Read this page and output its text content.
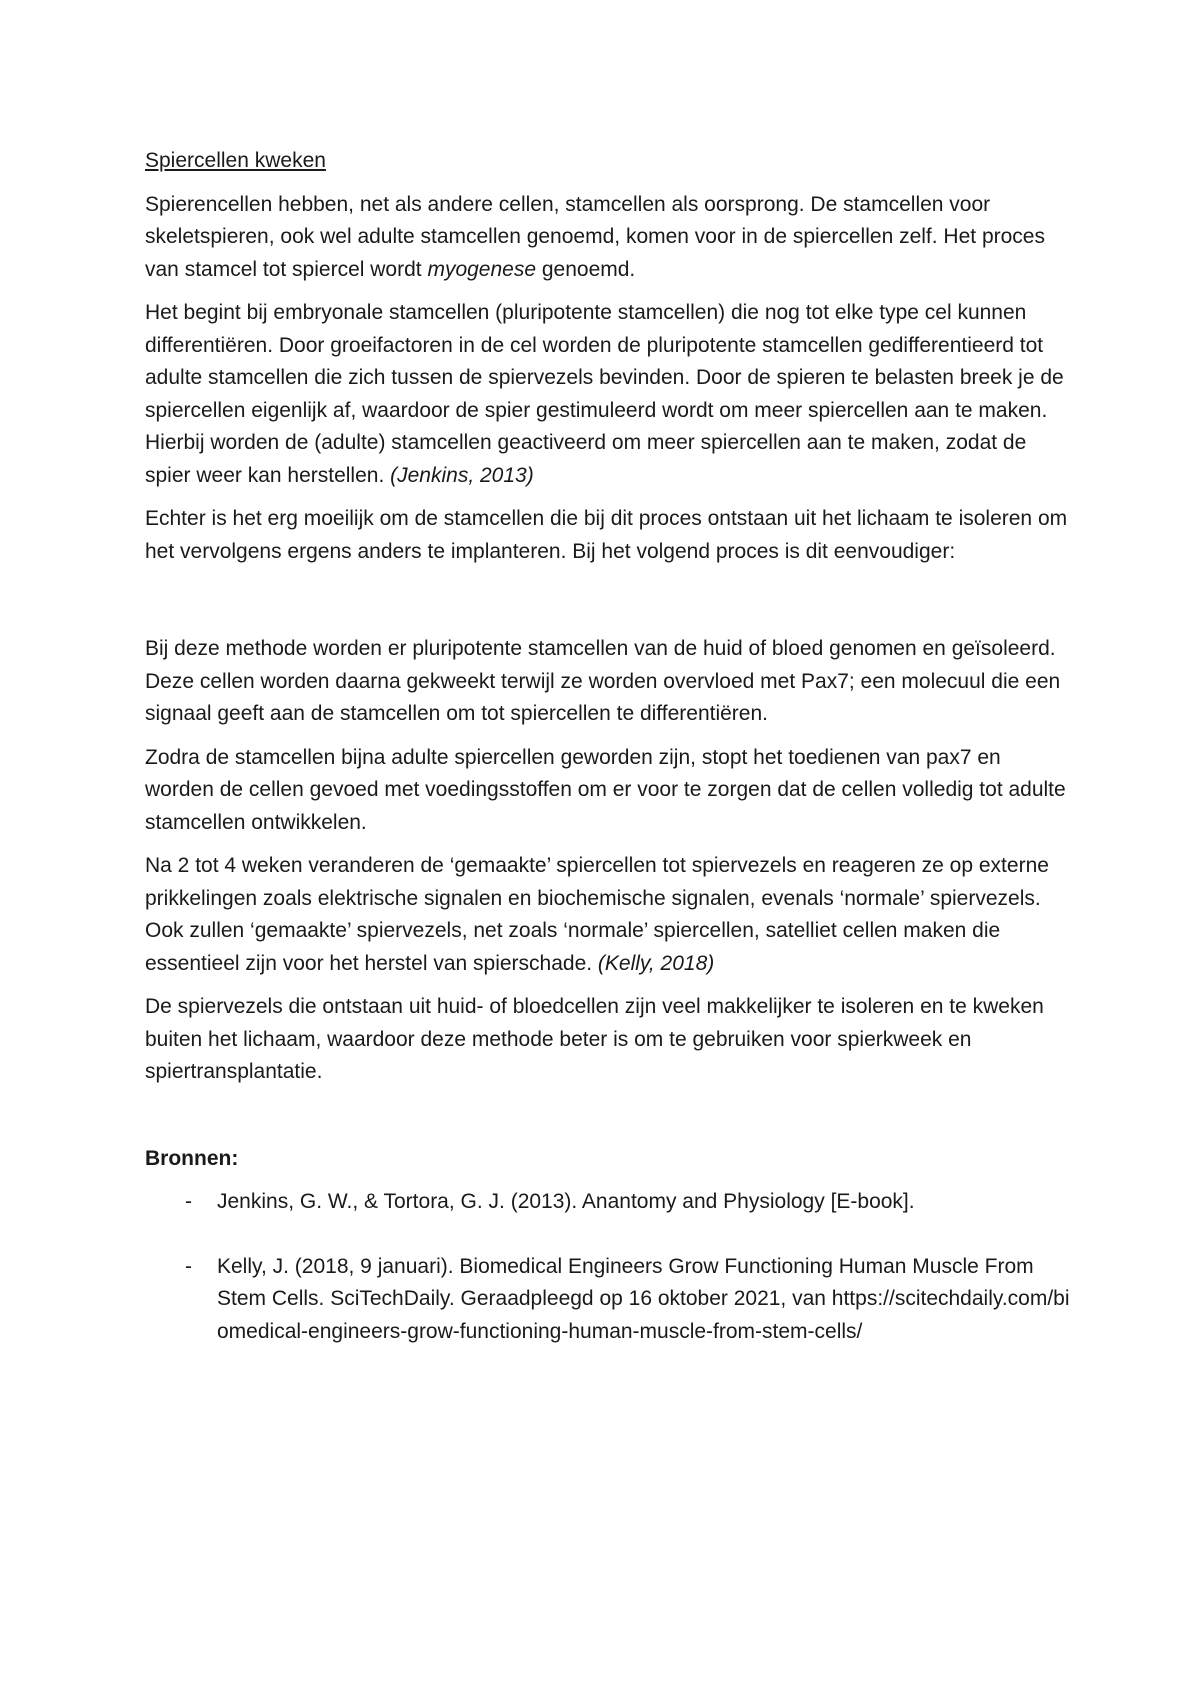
Spiercellen kweken

Spierencellen hebben, net als andere cellen, stamcellen als oorsprong. De stamcellen voor skeletspieren, ook wel adulte stamcellen genoemd, komen voor in de spiercellen zelf. Het proces van stamcel tot spiercel wordt myogenese genoemd.

Het begint bij embryonale stamcellen (pluripotente stamcellen) die nog tot elke type cel kunnen differentiëren. Door groeifactoren in de cel worden de pluripotente stamcellen gedifferentieerd tot adulte stamcellen die zich tussen de spiervezels bevinden. Door de spieren te belasten breek je de spiercellen eigenlijk af, waardoor de spier gestimuleerd wordt om meer spiercellen aan te maken. Hierbij worden de (adulte) stamcellen geactiveerd om meer spiercellen aan te maken, zodat de spier weer kan herstellen. (Jenkins, 2013)

Echter is het erg moeilijk om de stamcellen die bij dit proces ontstaan uit het lichaam te isoleren om het vervolgens ergens anders te implanteren. Bij het volgend proces is dit eenvoudiger:

Bij deze methode worden er pluripotente stamcellen van de huid of bloed genomen en geïsoleerd. Deze cellen worden daarna gekweekt terwijl ze worden overvloed met Pax7; een molecuul die een signaal geeft aan de stamcellen om tot spiercellen te differentiëren.

Zodra de stamcellen bijna adulte spiercellen geworden zijn, stopt het toedienen van pax7 en worden de cellen gevoed met voedingsstoffen om er voor te zorgen dat de cellen volledig tot adulte stamcellen ontwikkelen.

Na 2 tot 4 weken veranderen de ‘gemaakte’ spiercellen tot spiervezels en reageren ze op externe prikkelingen zoals elektrische signalen en biochemische signalen, evenals ‘normale’ spiervezels. Ook zullen ‘gemaakte’ spiervezels, net zoals ‘normale’ spiercellen, satelliet cellen maken die essentieel zijn voor het herstel van spierschade. (Kelly, 2018)

De spiervezels die ontstaan uit huid- of bloedcellen zijn veel makkelijker te isoleren en te kweken buiten het lichaam, waardoor deze methode beter is om te gebruiken voor spierkweek en spiertransplantatie.

Bronnen:
- Jenkins, G. W., & Tortora, G. J. (2013). Anantomy and Physiology [E-book].
- Kelly, J. (2018, 9 januari). Biomedical Engineers Grow Functioning Human Muscle From Stem Cells. SciTechDaily. Geraadpleegd op 16 oktober 2021, van https://scitechdaily.com/biomedical-engineers-grow-functioning-human-muscle-from-stem-cells/
